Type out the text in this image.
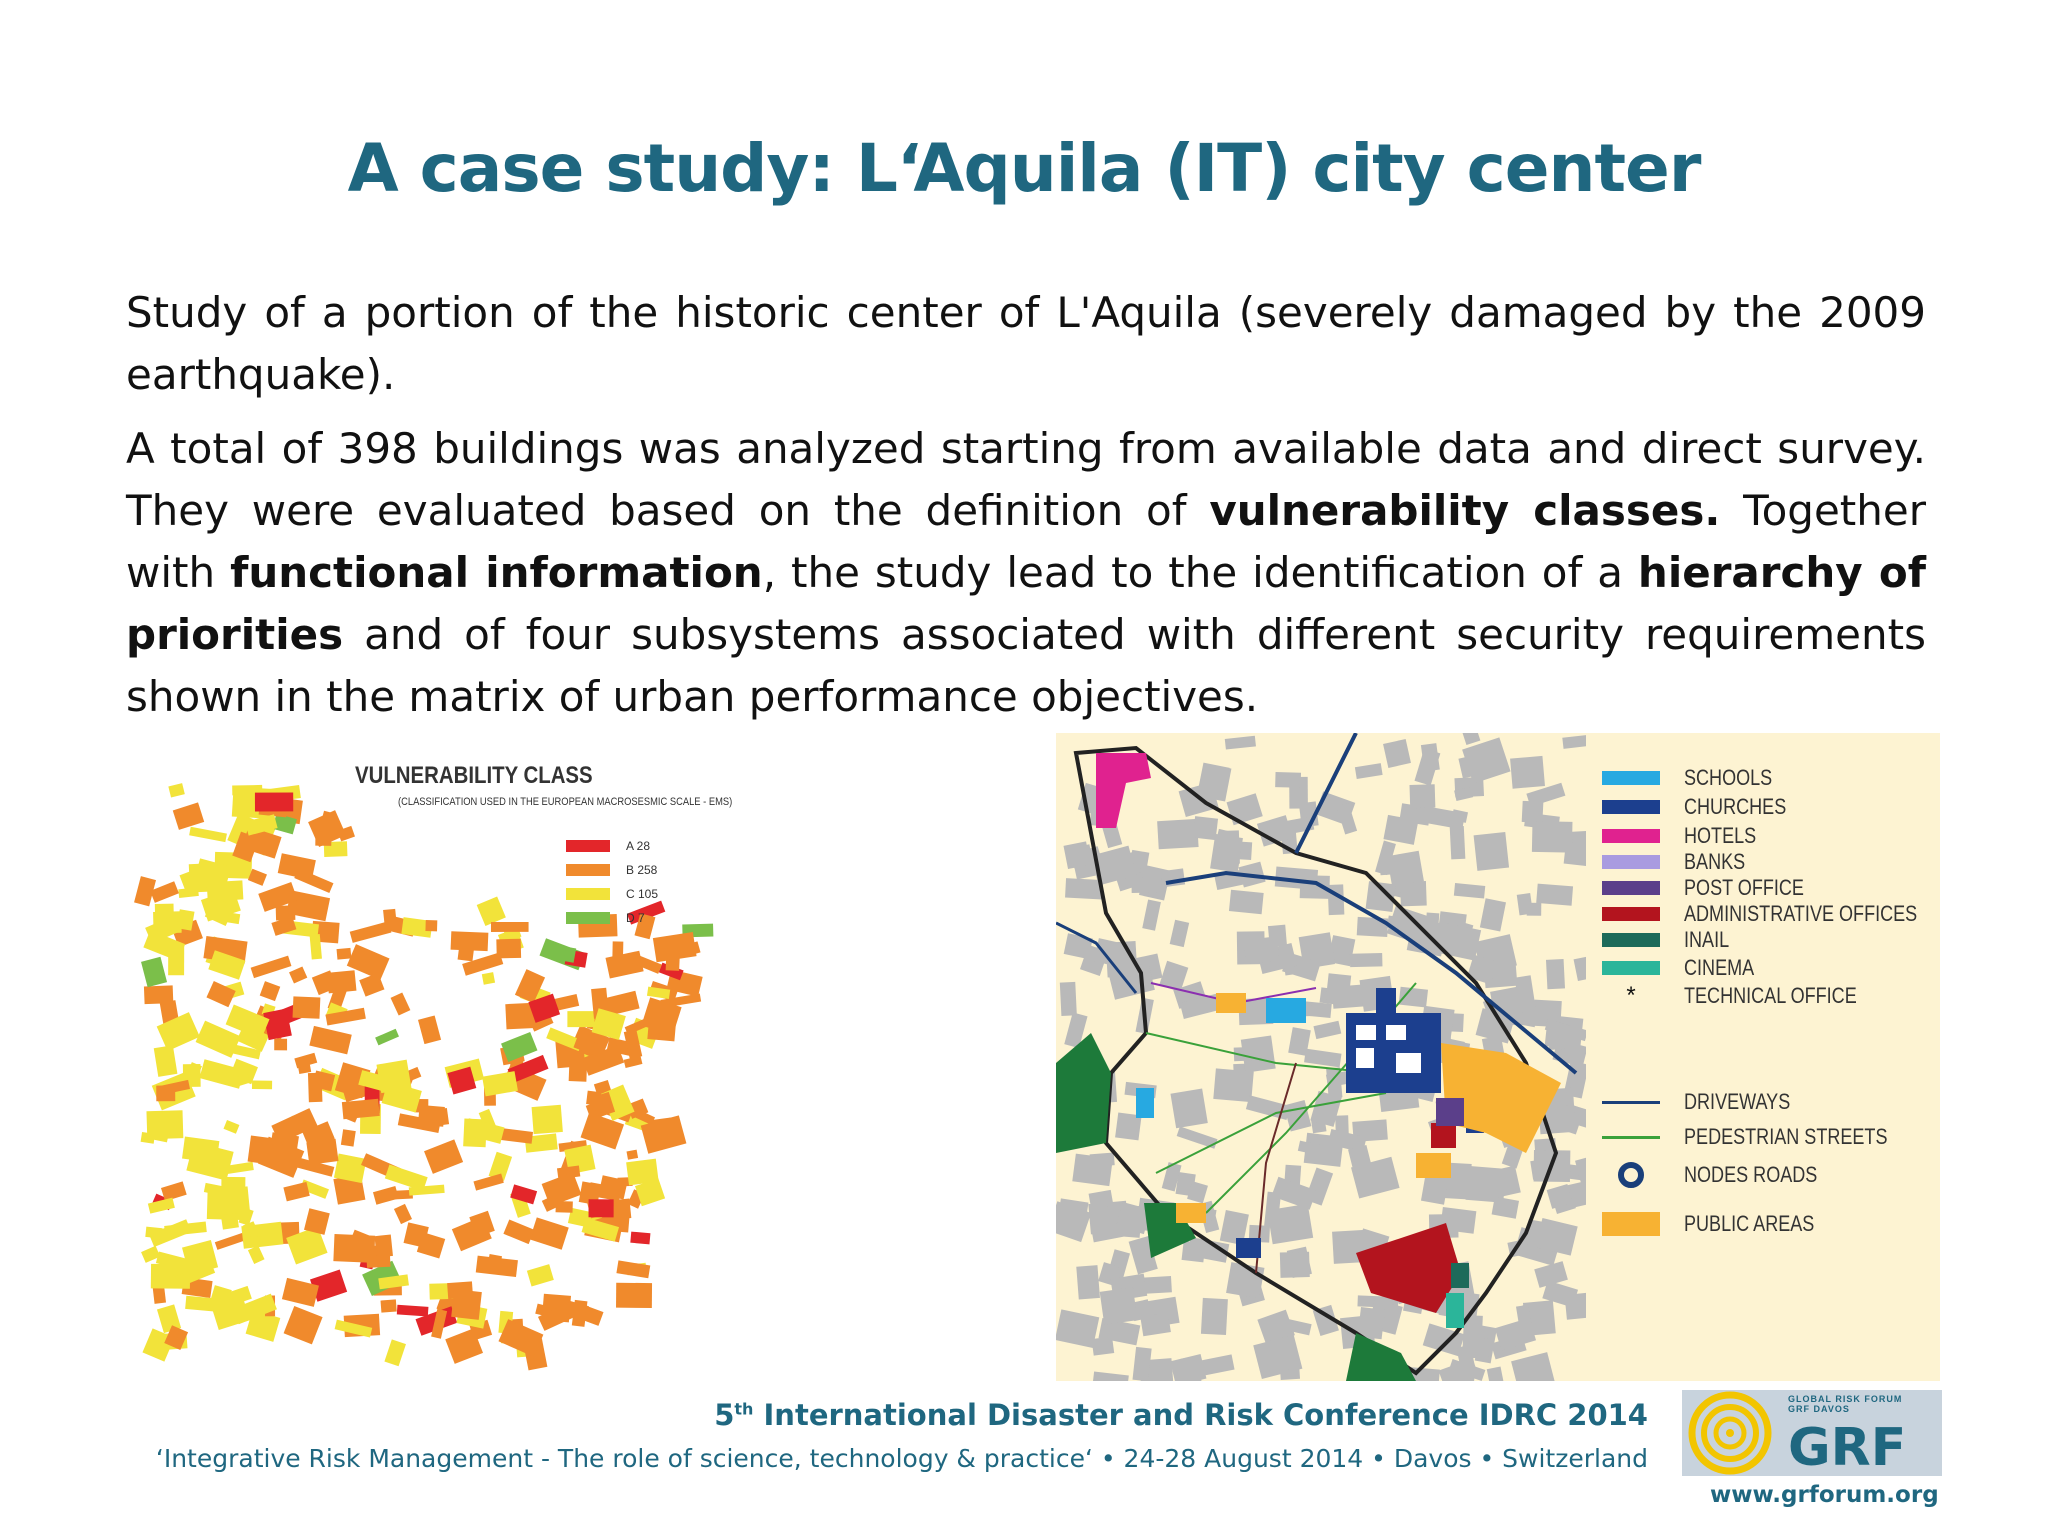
A case study: L‘Aquila (IT) city center

Study of a portion of the historic center of L'Aquila (severely damaged by the 2009 earthquake).

A total of 398 buildings was analyzed starting from available data and direct survey. They were evaluated based on the definition of vulnerability classes. Together with functional information, the study lead to the identification of a hierarchy of priorities and of four subsystems associated with different security requirements shown in the matrix of urban performance objectives.

VULNERABILITY CLASS
(CLASSIFICATION USED IN THE EUROPEAN MACROSESMIC SCALE - EMS)
A 28
B 258
C 105
D 7
SCHOOLS
CHURCHES
HOTELS
BANKS
POST OFFICE
ADMINISTRATIVE OFFICES
INAIL
CINEMA
*	TECHNICAL OFFICE
DRIVEWAYS
PEDESTRIAN STREETS
NODES ROADS
PUBLIC AREAS
5th International Disaster and Risk Conference IDRC 2014
‘Integrative Risk Management - The role of science, technology & practice‘ • 24-28 August 2014 • Davos • Switzerland
GLOBAL RISK FORUM
GRF DAVOS
GRF
www.grforum.org
